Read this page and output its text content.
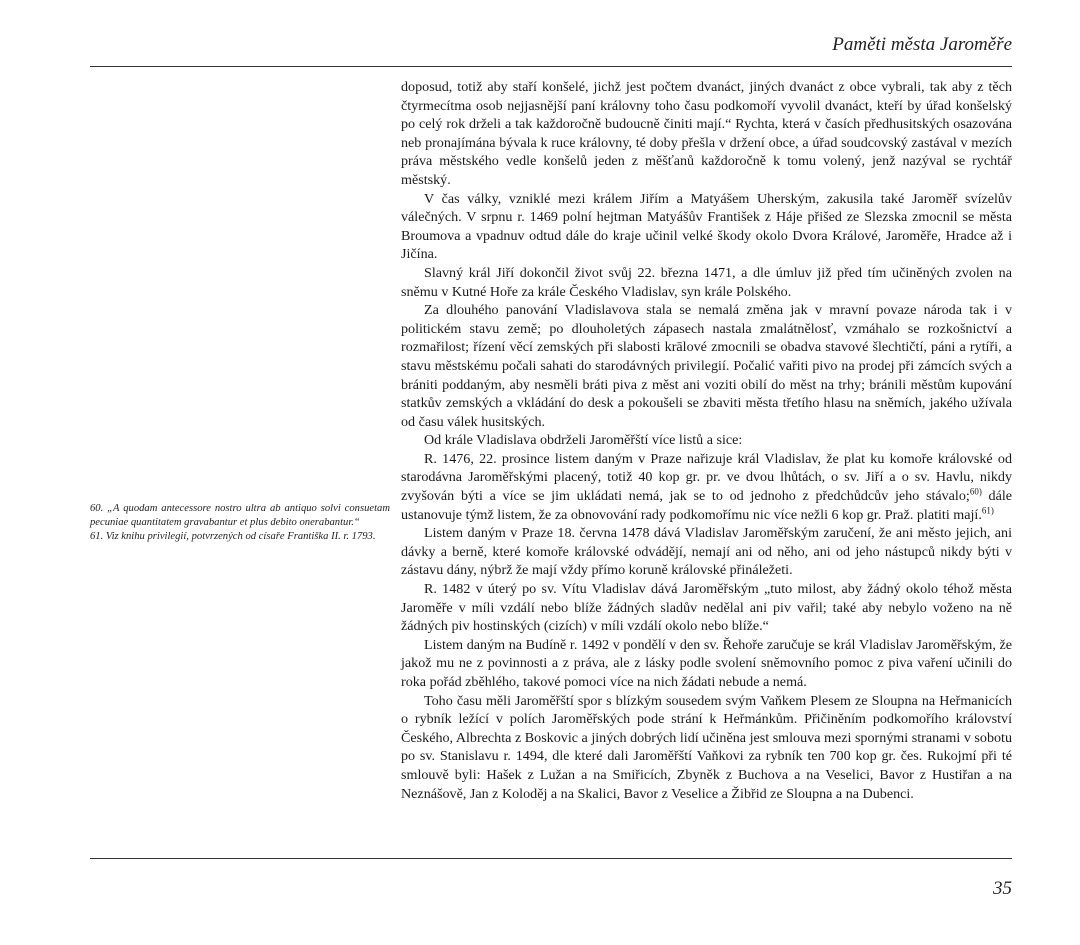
Paměti města Jaroměře

60. „A quodam antecessore nostro ultra ab antiquo solvi consuetam pecuniae quantitatem gravabantur et plus debito onerabantur.“

61. Viz knihu privilegií, potvrzených od císaře Františka II. r. 1793.

doposud, totiž aby staří konšelé, jichž jest počtem dvanáct, jiných dvanáct z obce vybrali, tak aby z těch čtyrmecítma osob nejjasnější paní královny toho času podkomoří vyvolil dvanáct, kteří by úřad konšelský po celý rok drželi a tak každoročně budoucně činiti mají.“ Rychta, která v časích předhusitských osazována neb pronajímána bývala k ruce královny, té doby přešla v držení obce, a úřad soudcovský zastával v mezích práva městského vedle konšelů jeden z měšťanů každoročně k tomu volený, jenž nazýval se rychtář městský.

V čas války, vzniklé mezi králem Jiřím a Matyášem Uherským, zakusila také Jaroměř svízelův válečných. V srpnu r. 1469 polní hejtman Matyášův František z Háje přišed ze Slezska zmocnil se města Broumova a vpadnuv odtud dále do kraje učinil velké škody okolo Dvora Králové, Jaroměře, Hradce až i Jičína.

Slavný král Jiří dokončil život svůj 22. března 1471, a dle úmluv již před tím učiněných zvolen na sněmu v Kutné Hoře za krále Českého Vladislav, syn krále Polského.

Za dlouhého panování Vladislavova stala se nemalá změna jak v mravní povaze národa tak i v politickém stavu země; po dlouholetých zápasech nastala zmalátnělosť, vzmáhalo se rozkošnictví a rozmařilost; řízení věcí zemských při slabosti krālové zmocnili se obadva stavové šlechtičtí, páni a rytíři, a stavu městskému počali sahati do starodávných privilegií. Počalić vařiti pivo na prodej při zámcích svých a brániti poddaným, aby nesměli bráti piva z měst ani voziti obilí do měst na trhy; bránili městům kupování statkův zemských a vkládání do desk a pokoušeli se zbaviti města třetího hlasu na sněmích, jakého užívala od času válek husitských.

Od krále Vladislava obdrželi Jaroměřští více listů a sice:

R. 1476, 22. prosince listem daným v Praze nařizuje král Vladislav, že plat ku komoře královské od starodávna Jaroměřskými placený, totiž 40 kop gr. pr. ve dvou lhůtách, o sv. Jiří a o sv. Havlu, nikdy zvyšován býti a více se jim ukládati nemá, jak se to od jednoho z předchůdcův jeho stávalo;$^{60)}$ dále ustanovuje týmž listem, že za obnovování rady podkomořímu nic více nežli 6 kop gr. Praž. platiti mají.$^{61)}$

Listem daným v Praze 18. června 1478 dává Vladislav Jaroměřským zaručení, že ani město jejich, ani dávky a berně, které komoře královské odvádějí, nemají ani od něho, ani od jeho nástupců nikdy býti v zástavu dány, nýbrž že mají vždy přímo koruně královské přináležeti.

R. 1482 v úterý po sv. Vítu Vladislav dává Jaroměřským „tuto milost, aby žádný okolo téhož města Jaroměře v míli vzdálí nebo blíže žádných sladův nedělal ani piv vařil; také aby nebylo voženo na ně žádných piv hostinských (cizích) v míli vzdálí okolo nebo blíže.“

Listem daným na Budíně r. 1492 v pondělí v den sv. Řehoře zaručuje se král Vladislav Jaroměřským, že jakož mu ne z povinnosti a z práva, ale z lásky podle svolení sněmovního pomoc z piva vaření učinili do roka pořád zběhlého, takové pomoci více na nich žádati nebude a nemá.

Toho času měli Jaroměřští spor s blízkým sousedem svým Vaňkem Plesem ze Sloupna na Heřmanicích o rybník ležící v polích Jaroměřských pode strání k Heřmánkům. Přičiněním podkomořího království Českého, Albrechta z Boskovic a jiných dobrých lidí učiněna jest smlouva mezi spornými stranami v sobotu po sv. Stanislavu r. 1494, dle které dali Jaroměřští Vaňkovi za rybník ten 700 kop gr. čes. Rukojmí při té smlouvě byli: Hašek z Lužan a na Smiřicích, Zbyněk z Buchova a na Veselici, Bavor z Hustiřan a na Neznášově, Jan z Koloděj a na Skalici, Bavor z Veselice a Žibřid ze Sloupna a na Dubenci.

35
